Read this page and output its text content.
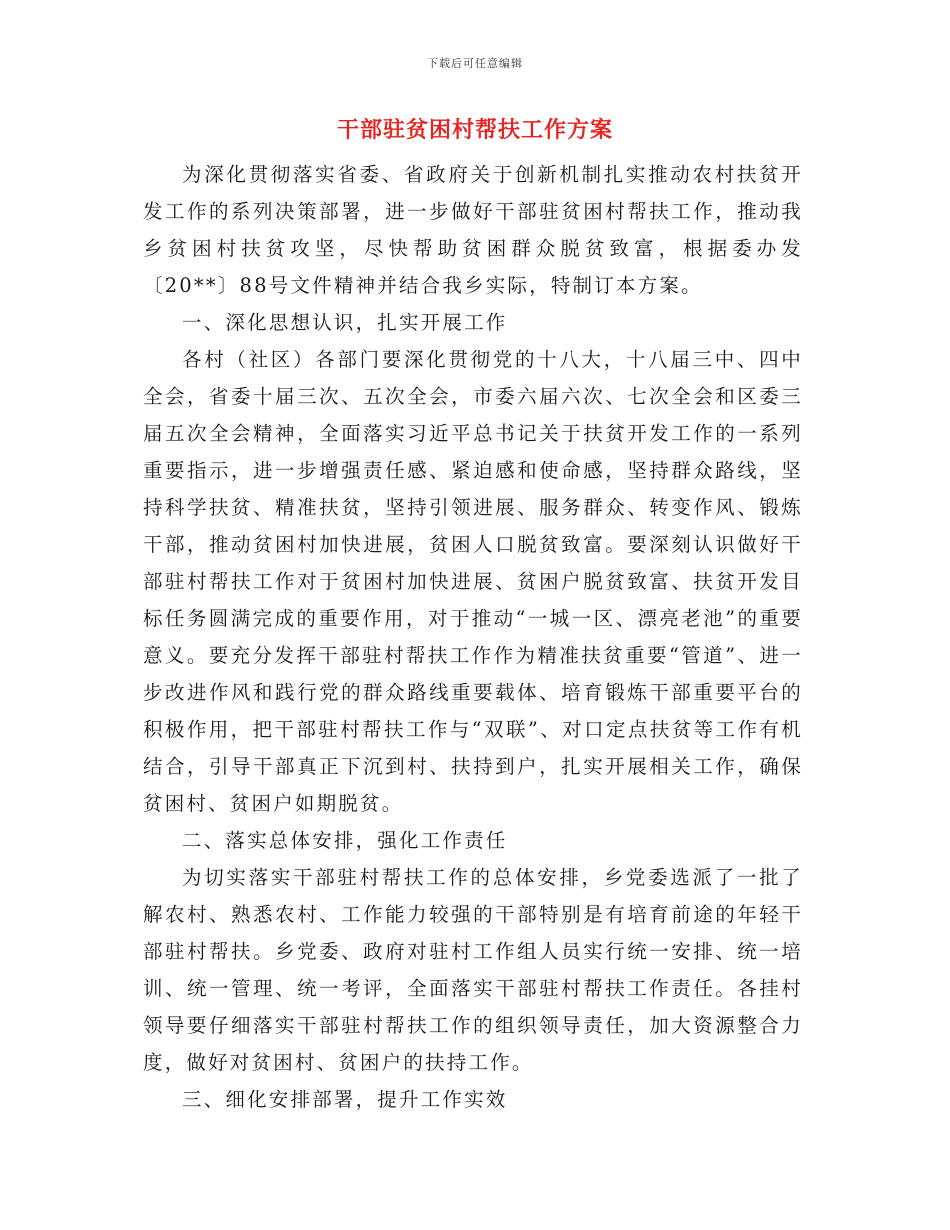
下载后可任意编辑
干部驻贫困村帮扶工作方案

为深化贯彻落实省委、省政府关于创新机制扎实推动农村扶贫开发工作的系列决策部署，进一步做好干部驻贫困村帮扶工作，推动我乡贫困村扶贫攻坚，尽快帮助贫困群众脱贫致富，根据委办发〔20**〕88号文件精神并结合我乡实际，特制订本方案。

一、深化思想认识，扎实开展工作

各村（社区）各部门要深化贯彻党的十八大，十八届三中、四中全会，省委十届三次、五次全会，市委六届六次、七次全会和区委三届五次全会精神，全面落实习近平总书记关于扶贫开发工作的一系列重要指示，进一步增强责任感、紧迫感和使命感，坚持群众路线，坚持科学扶贫、精准扶贫，坚持引领进展、服务群众、转变作风、锻炼干部，推动贫困村加快进展，贫困人口脱贫致富。要深刻认识做好干部驻村帮扶工作对于贫困村加快进展、贫困户脱贫致富、扶贫开发目标任务圆满完成的重要作用，对于推动“一城一区、漂亮老池”的重要意义。要充分发挥干部驻村帮扶工作作为精准扶贫重要“管道”、进一步改进作风和践行党的群众路线重要载体、培育锻炼干部重要平台的积极作用，把干部驻村帮扶工作与“双联”、对口定点扶贫等工作有机结合，引导干部真正下沉到村、扶持到户，扎实开展相关工作，确保贫困村、贫困户如期脱贫。

二、落实总体安排，强化工作责任

为切实落实干部驻村帮扶工作的总体安排，乡党委选派了一批了解农村、熟悉农村、工作能力较强的干部特别是有培育前途的年轻干部驻村帮扶。乡党委、政府对驻村工作组人员实行统一安排、统一培训、统一管理、统一考评，全面落实干部驻村帮扶工作责任。各挂村领导要仔细落实干部驻村帮扶工作的组织领导责任，加大资源整合力度，做好对贫困村、贫困户的扶持工作。

三、细化安排部署，提升工作实效
